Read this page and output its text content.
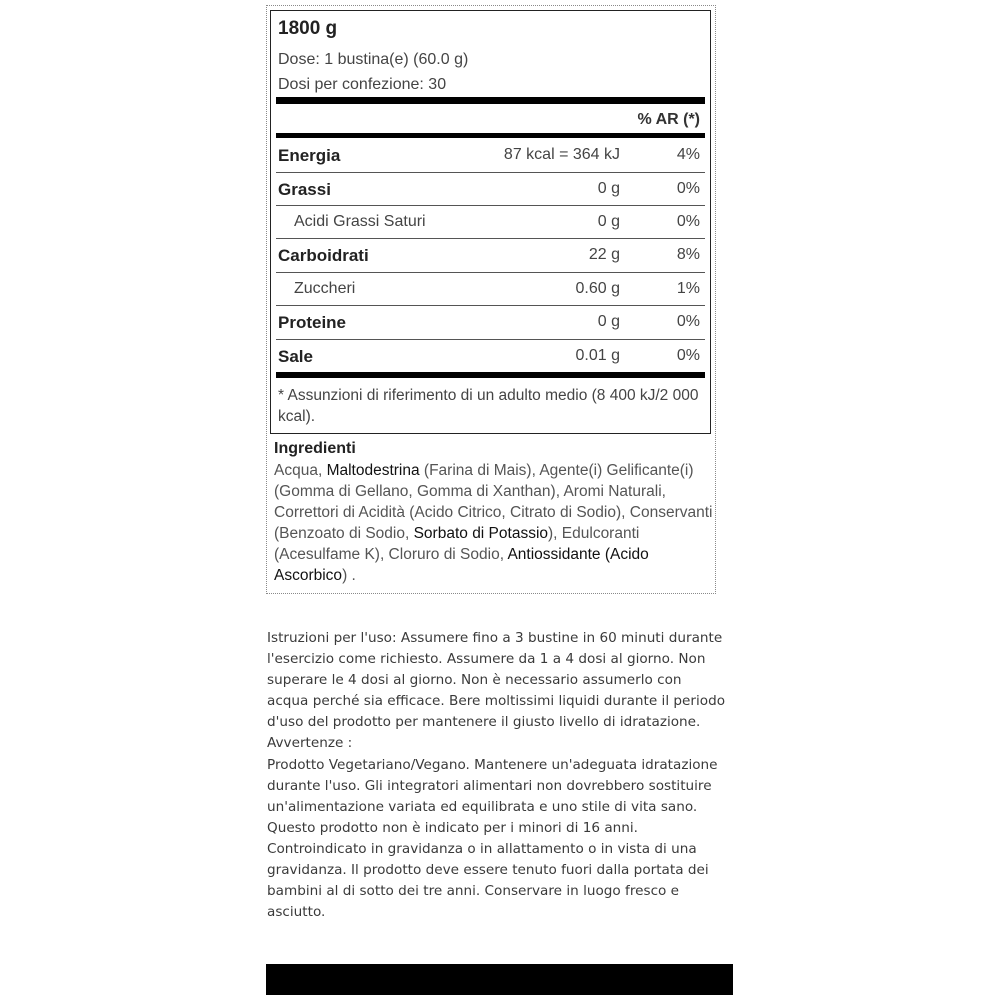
1800 g
Dose: 1 bustina(e) (60.0 g)
Dosi per confezione: 30
% AR (*)
Energia	87 kcal = 364 kJ	4%
Grassi	0 g	0%
Acidi Grassi Saturi	0 g	0%
Carboidrati	22 g	8%
Zuccheri	0.60 g	1%
Proteine	0 g	0%
Sale	0.01 g	0%
* Assunzioni di riferimento di un adulto medio (8 400 kJ/2 000 kcal).
Ingredienti
Acqua, Maltodestrina (Farina di Mais), Agente(i) Gelificante(i) (Gomma di Gellano, Gomma di Xanthan), Aromi Naturali, Correttori di Acidità (Acido Citrico, Citrato di Sodio), Conservanti (Benzoato di Sodio, Sorbato di Potassio), Edulcoranti (Acesulfame K), Cloruro di Sodio, Antiossidante (Acido Ascorbico) .

Istruzioni per l'uso: Assumere fino a 3 bustine in 60 minuti durante l'esercizio come richiesto. Assumere da 1 a 4 dosi al giorno. Non superare le 4 dosi al giorno. Non è necessario assumerlo con acqua perché sia efficace. Bere moltissimi liquidi durante il periodo d'uso del prodotto per mantenere il giusto livello di idratazione.

Avvertenze :

Prodotto Vegetariano/Vegano. Mantenere un'adeguata idratazione durante l'uso. Gli integratori alimentari non dovrebbero sostituire un'alimentazione variata ed equilibrata e uno stile di vita sano. Questo prodotto non è indicato per i minori di 16 anni. Controindicato in gravidanza o in allattamento o in vista di una gravidanza. Il prodotto deve essere tenuto fuori dalla portata dei bambini al di sotto dei tre anni. Conservare in luogo fresco e asciutto.
